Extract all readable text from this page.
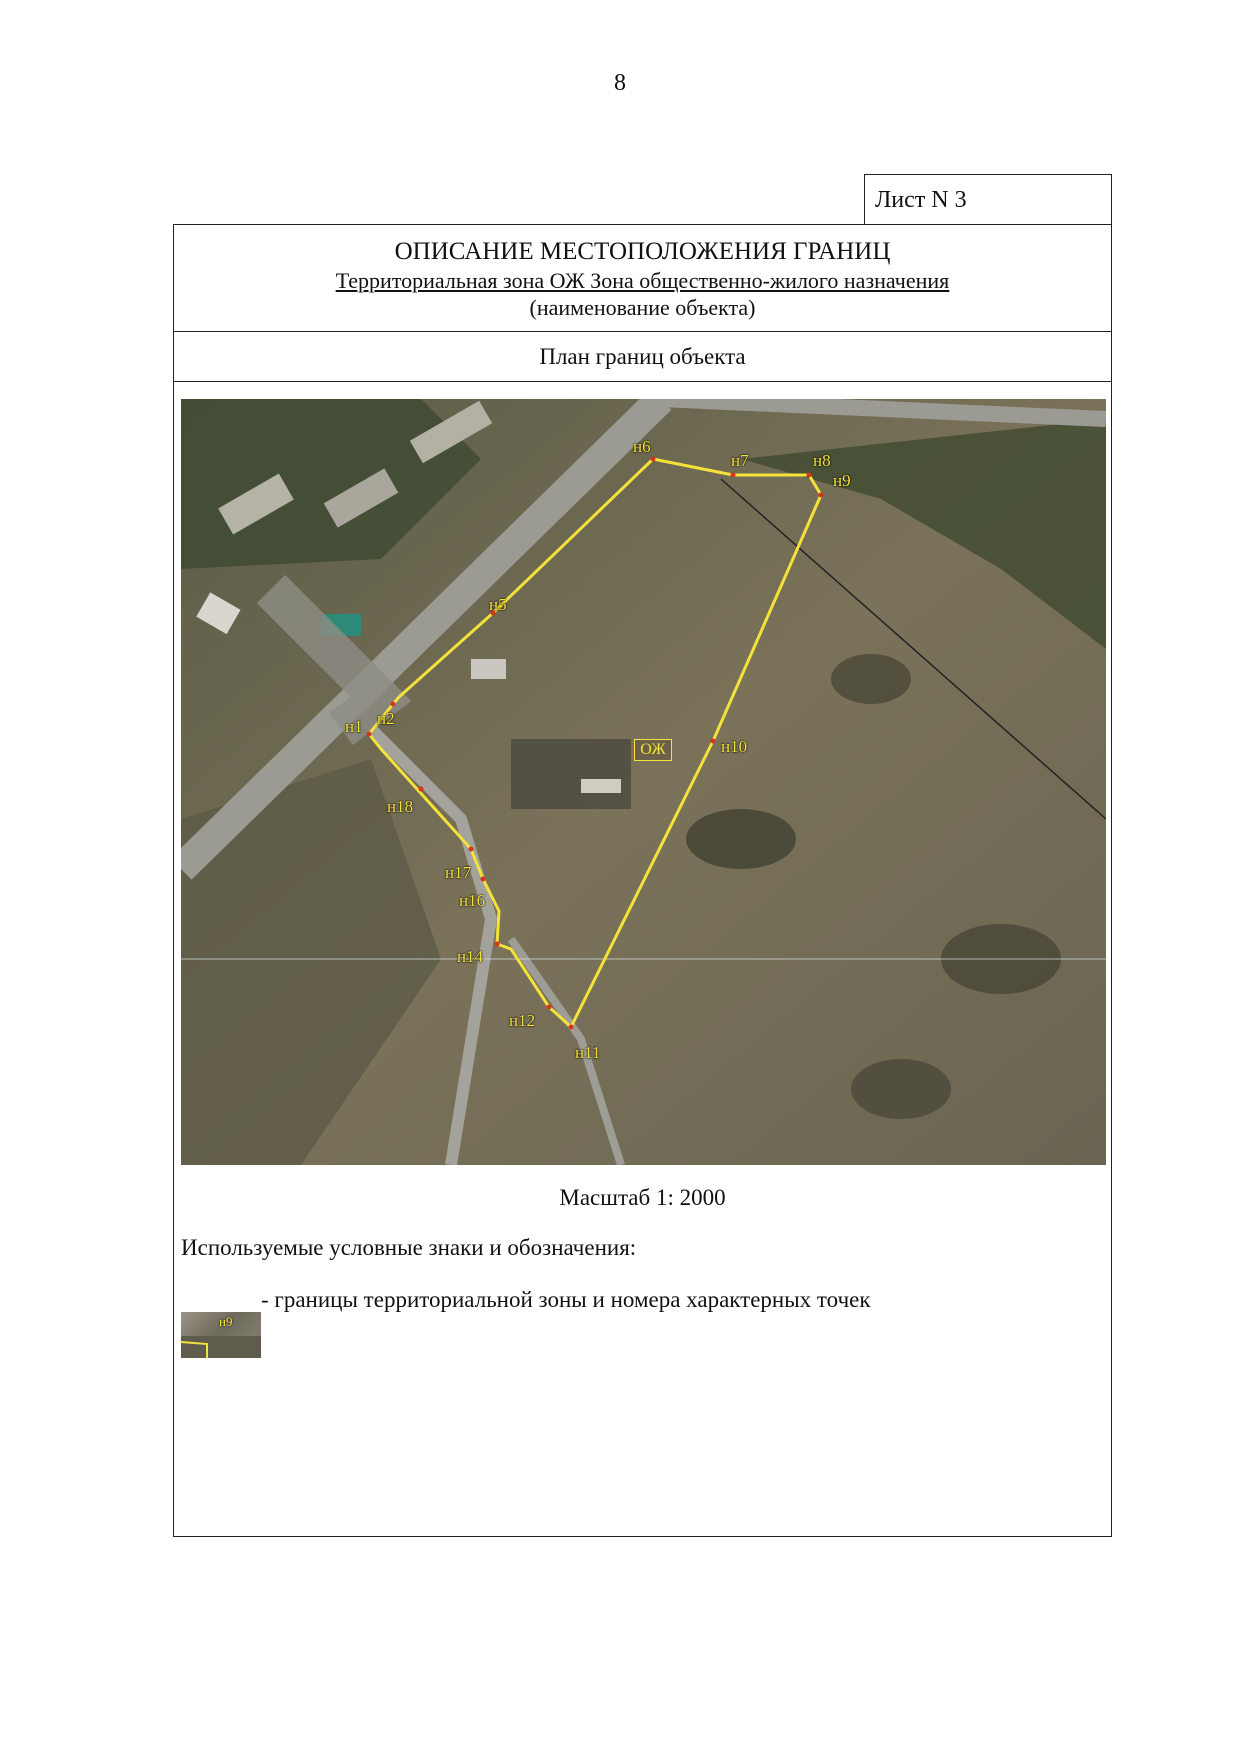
8
Лист N 3
ОПИСАНИЕ МЕСТОПОЛОЖЕНИЯ ГРАНИЦ
Территориальная зона ОЖ Зона общественно-жилого назначения
(наименование объекта)
План границ объекта
н1 н2
н5
н6
н7	н8
н9
н10
н11
н12
н14
н16
н17
н18
ОЖ
Масштаб 1: 2000
Используемые условные знаки и обозначения:
н9
- границы территориальной зоны и номера характерных точек
